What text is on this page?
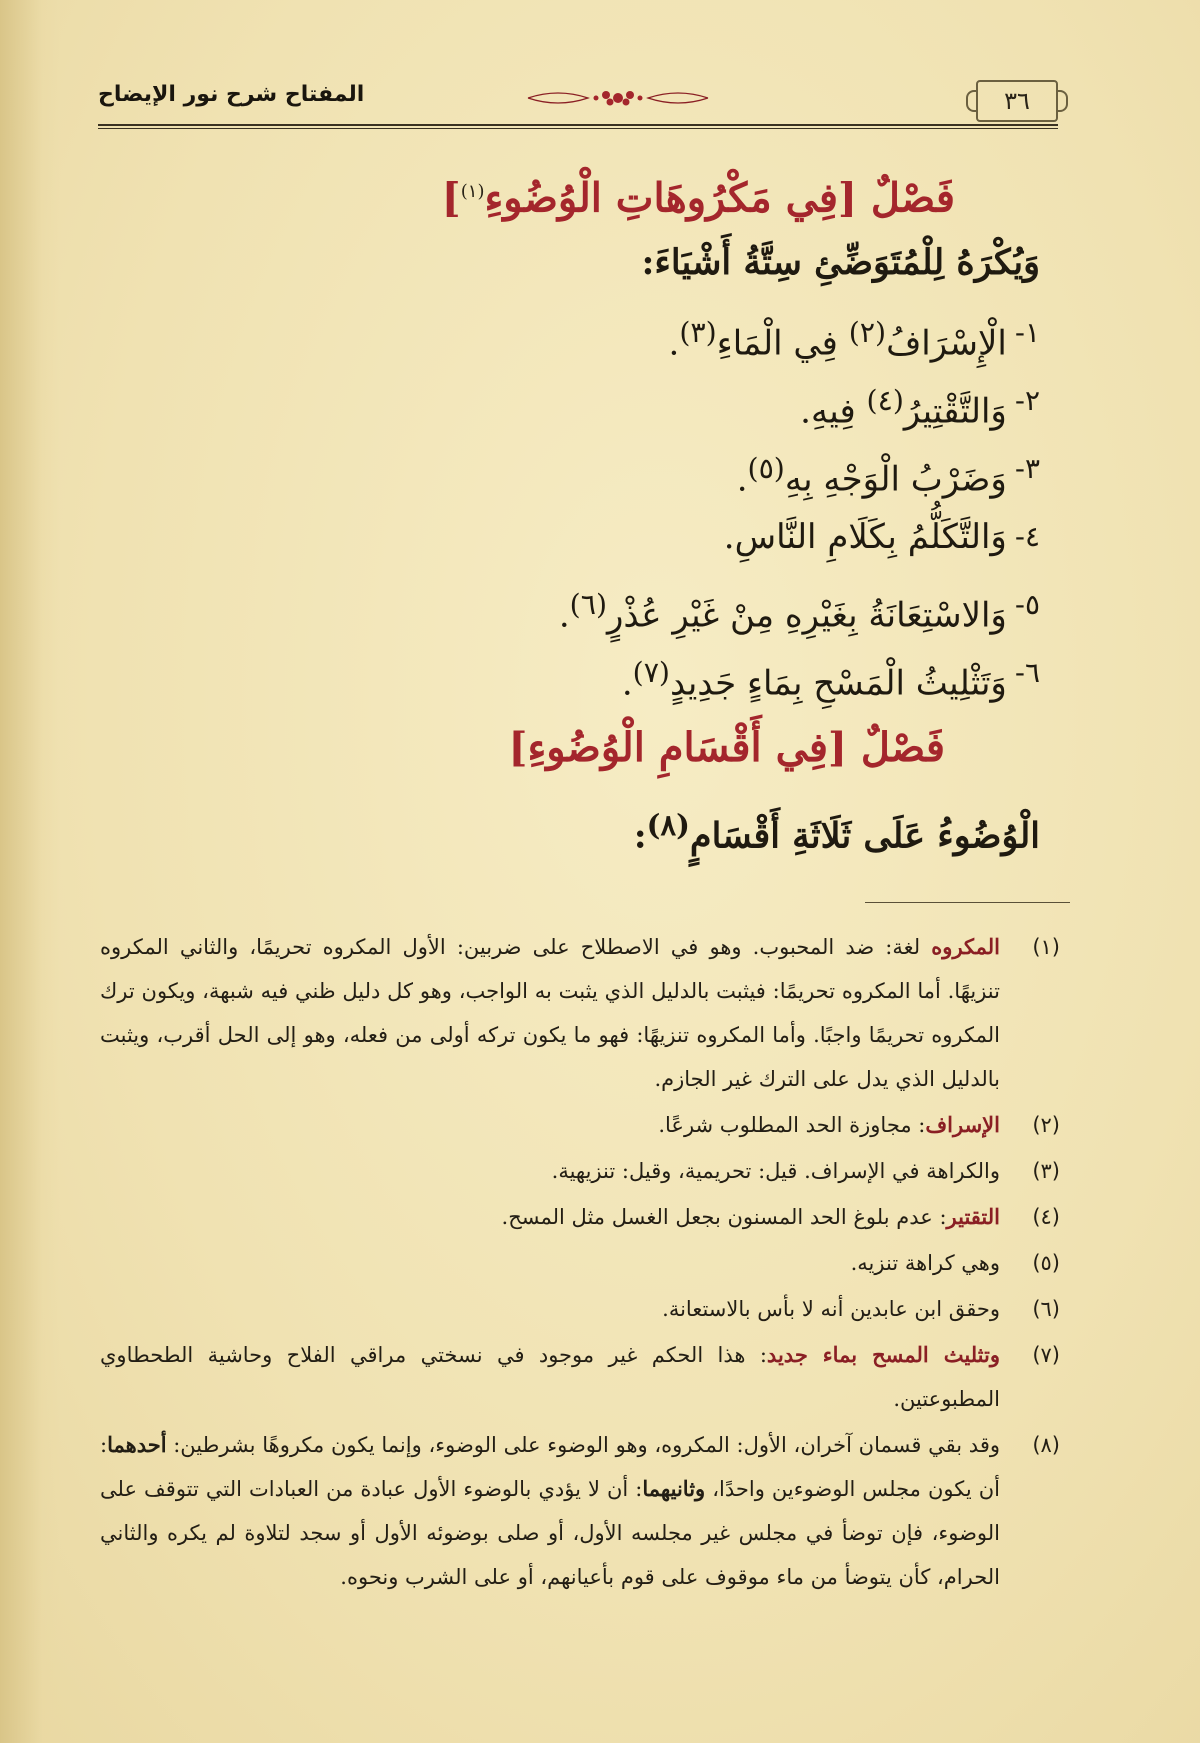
٣٦
المفتاح شرح نور الإيضاح
فَصْلٌ [فِي مَكْرُوهَاتِ الْوُضُوءِ$^{(١)}$]
وَيُكْرَهُ لِلْمُتَوَضِّئِ سِتَّةُ أَشْيَاءَ:
١-
الْإِسْرَافُ$^{(٢)}$ فِي الْمَاءِ$^{(٣)}$.
٢-
وَالتَّقْتِيرُ$^{(٤)}$ فِيهِ.
٣-
وَضَرْبُ الْوَجْهِ بِهِ$^{(٥)}$.
٤-
وَالتَّكَلُّمُ بِكَلَامِ النَّاسِ.
٥-
وَالاسْتِعَانَةُ بِغَيْرِهِ مِنْ غَيْرِ عُذْرٍ$^{(٦)}$.
٦-
وَتَثْلِيثُ الْمَسْحِ بِمَاءٍ جَدِيدٍ$^{(٧)}$.
فَصْلٌ [فِي أَقْسَامِ الْوُضُوءِ]
الْوُضُوءُ عَلَى ثَلَاثَةِ أَقْسَامٍ$^{(٨)}$:
(١)
المكروه لغة: ضد المحبوب. وهو في الاصطلاح على ضربين: الأول المكروه تحريمًا، والثاني المكروه تنزيهًا. أما المكروه تحريمًا: فيثبت بالدليل الذي يثبت به الواجب، وهو كل دليل ظني فيه شبهة، ويكون ترك المكروه تحريمًا واجبًا. وأما المكروه تنزيهًا: فهو ما يكون تركه أولى من فعله، وهو إلى الحل أقرب، ويثبت بالدليل الذي يدل على الترك غير الجازم.
(٢)
الإسراف: مجاوزة الحد المطلوب شرعًا.
(٣)
والكراهة في الإسراف. قيل: تحريمية، وقيل: تنزيهية.
(٤)
التقتير: عدم بلوغ الحد المسنون بجعل الغسل مثل المسح.
(٥)
وهي كراهة تنزيه.
(٦)
وحقق ابن عابدين أنه لا بأس بالاستعانة.
(٧)
وتثليث المسح بماء جديد: هذا الحكم غير موجود في نسختي مراقي الفلاح وحاشية الطحطاوي المطبوعتين.
(٨)
وقد بقي قسمان آخران، الأول: المكروه، وهو الوضوء على الوضوء، وإنما يكون مكروهًا بشرطين: أحدهما: أن يكون مجلس الوضوءين واحدًا، وثانيهما: أن لا يؤدي بالوضوء الأول عبادة من العبادات التي تتوقف على الوضوء، فإن توضأ في مجلس غير مجلسه الأول، أو صلى بوضوئه الأول أو سجد لتلاوة لم يكره والثاني الحرام، كأن يتوضأ من ماء موقوف على قوم بأعيانهم، أو على الشرب ونحوه.
